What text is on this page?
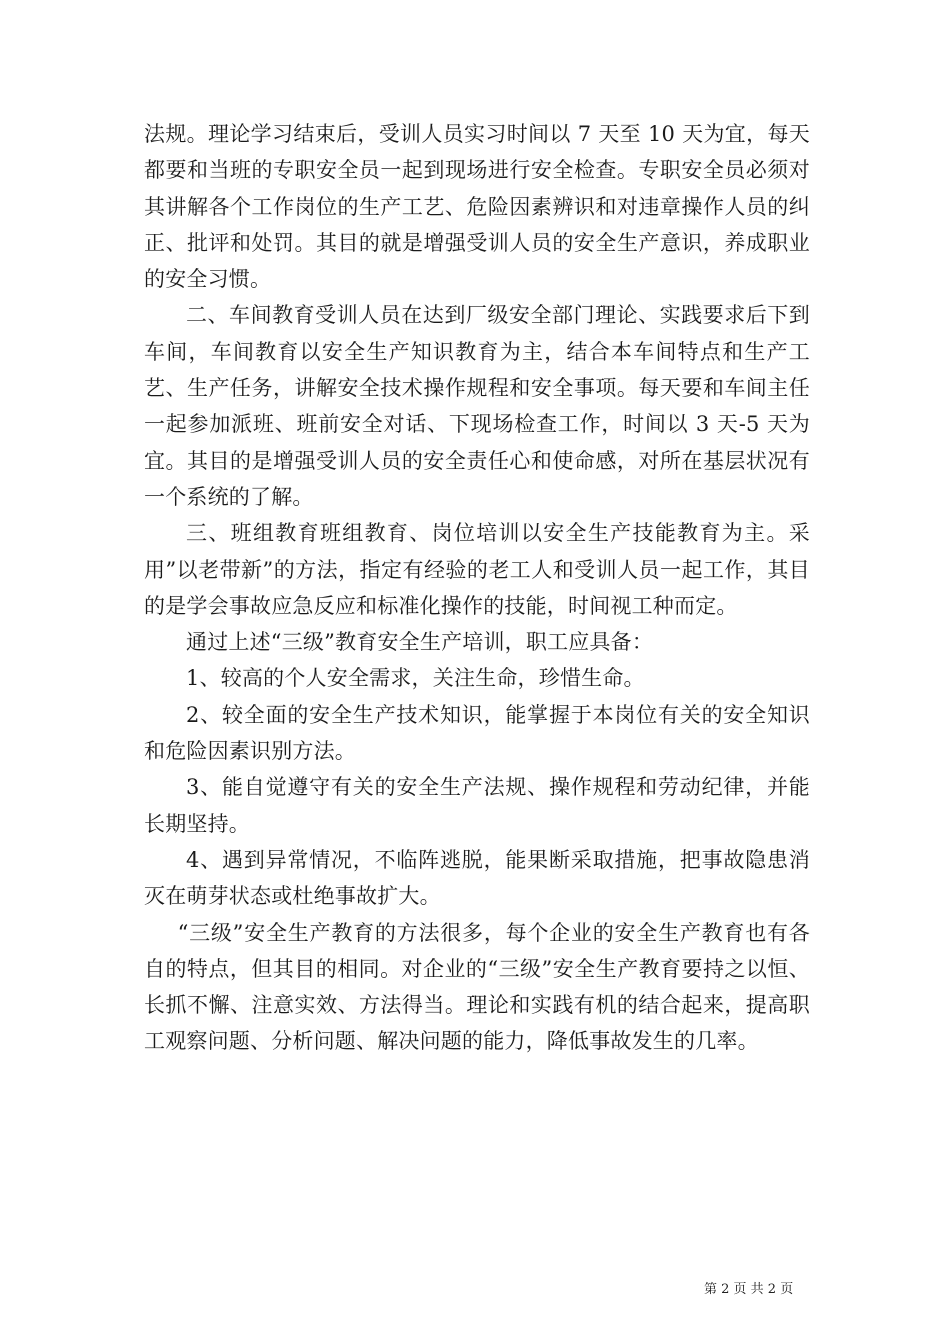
法规。理论学习结束后，受训人员实习时间以 7 天至 10 天为宜，每天都要和当班的专职安全员一起到现场进行安全检查。专职安全员必须对其讲解各个工作岗位的生产工艺、危险因素辨识和对违章操作人员的纠正、批评和处罚。其目的就是增强受训人员的安全生产意识，养成职业的安全习惯。

二、车间教育受训人员在达到厂级安全部门理论、实践要求后下到车间，车间教育以安全生产知识教育为主，结合本车间特点和生产工艺、生产任务，讲解安全技术操作规程和安全事项。每天要和车间主任一起参加派班、班前安全对话、下现场检查工作，时间以 3 天-5 天为宜。其目的是增强受训人员的安全责任心和使命感，对所在基层状况有一个系统的了解。

三、班组教育班组教育、岗位培训以安全生产技能教育为主。采用”以老带新”的方法，指定有经验的老工人和受训人员一起工作，其目的是学会事故应急反应和标准化操作的技能，时间视工种而定。

通过上述“三级”教育安全生产培训，职工应具备：

1、较高的个人安全需求，关注生命，珍惜生命。

2、较全面的安全生产技术知识，能掌握于本岗位有关的安全知识和危险因素识别方法。

3、能自觉遵守有关的安全生产法规、操作规程和劳动纪律，并能长期坚持。

4、遇到异常情况，不临阵逃脱，能果断采取措施，把事故隐患消灭在萌芽状态或杜绝事故扩大。

“三级”安全生产教育的方法很多，每个企业的安全生产教育也有各自的特点，但其目的相同。对企业的“三级”安全生产教育要持之以恒、长抓不懈、注意实效、方法得当。理论和实践有机的结合起来，提高职工观察问题、分析问题、解决问题的能力，降低事故发生的几率。

第 2 页 共 2 页
